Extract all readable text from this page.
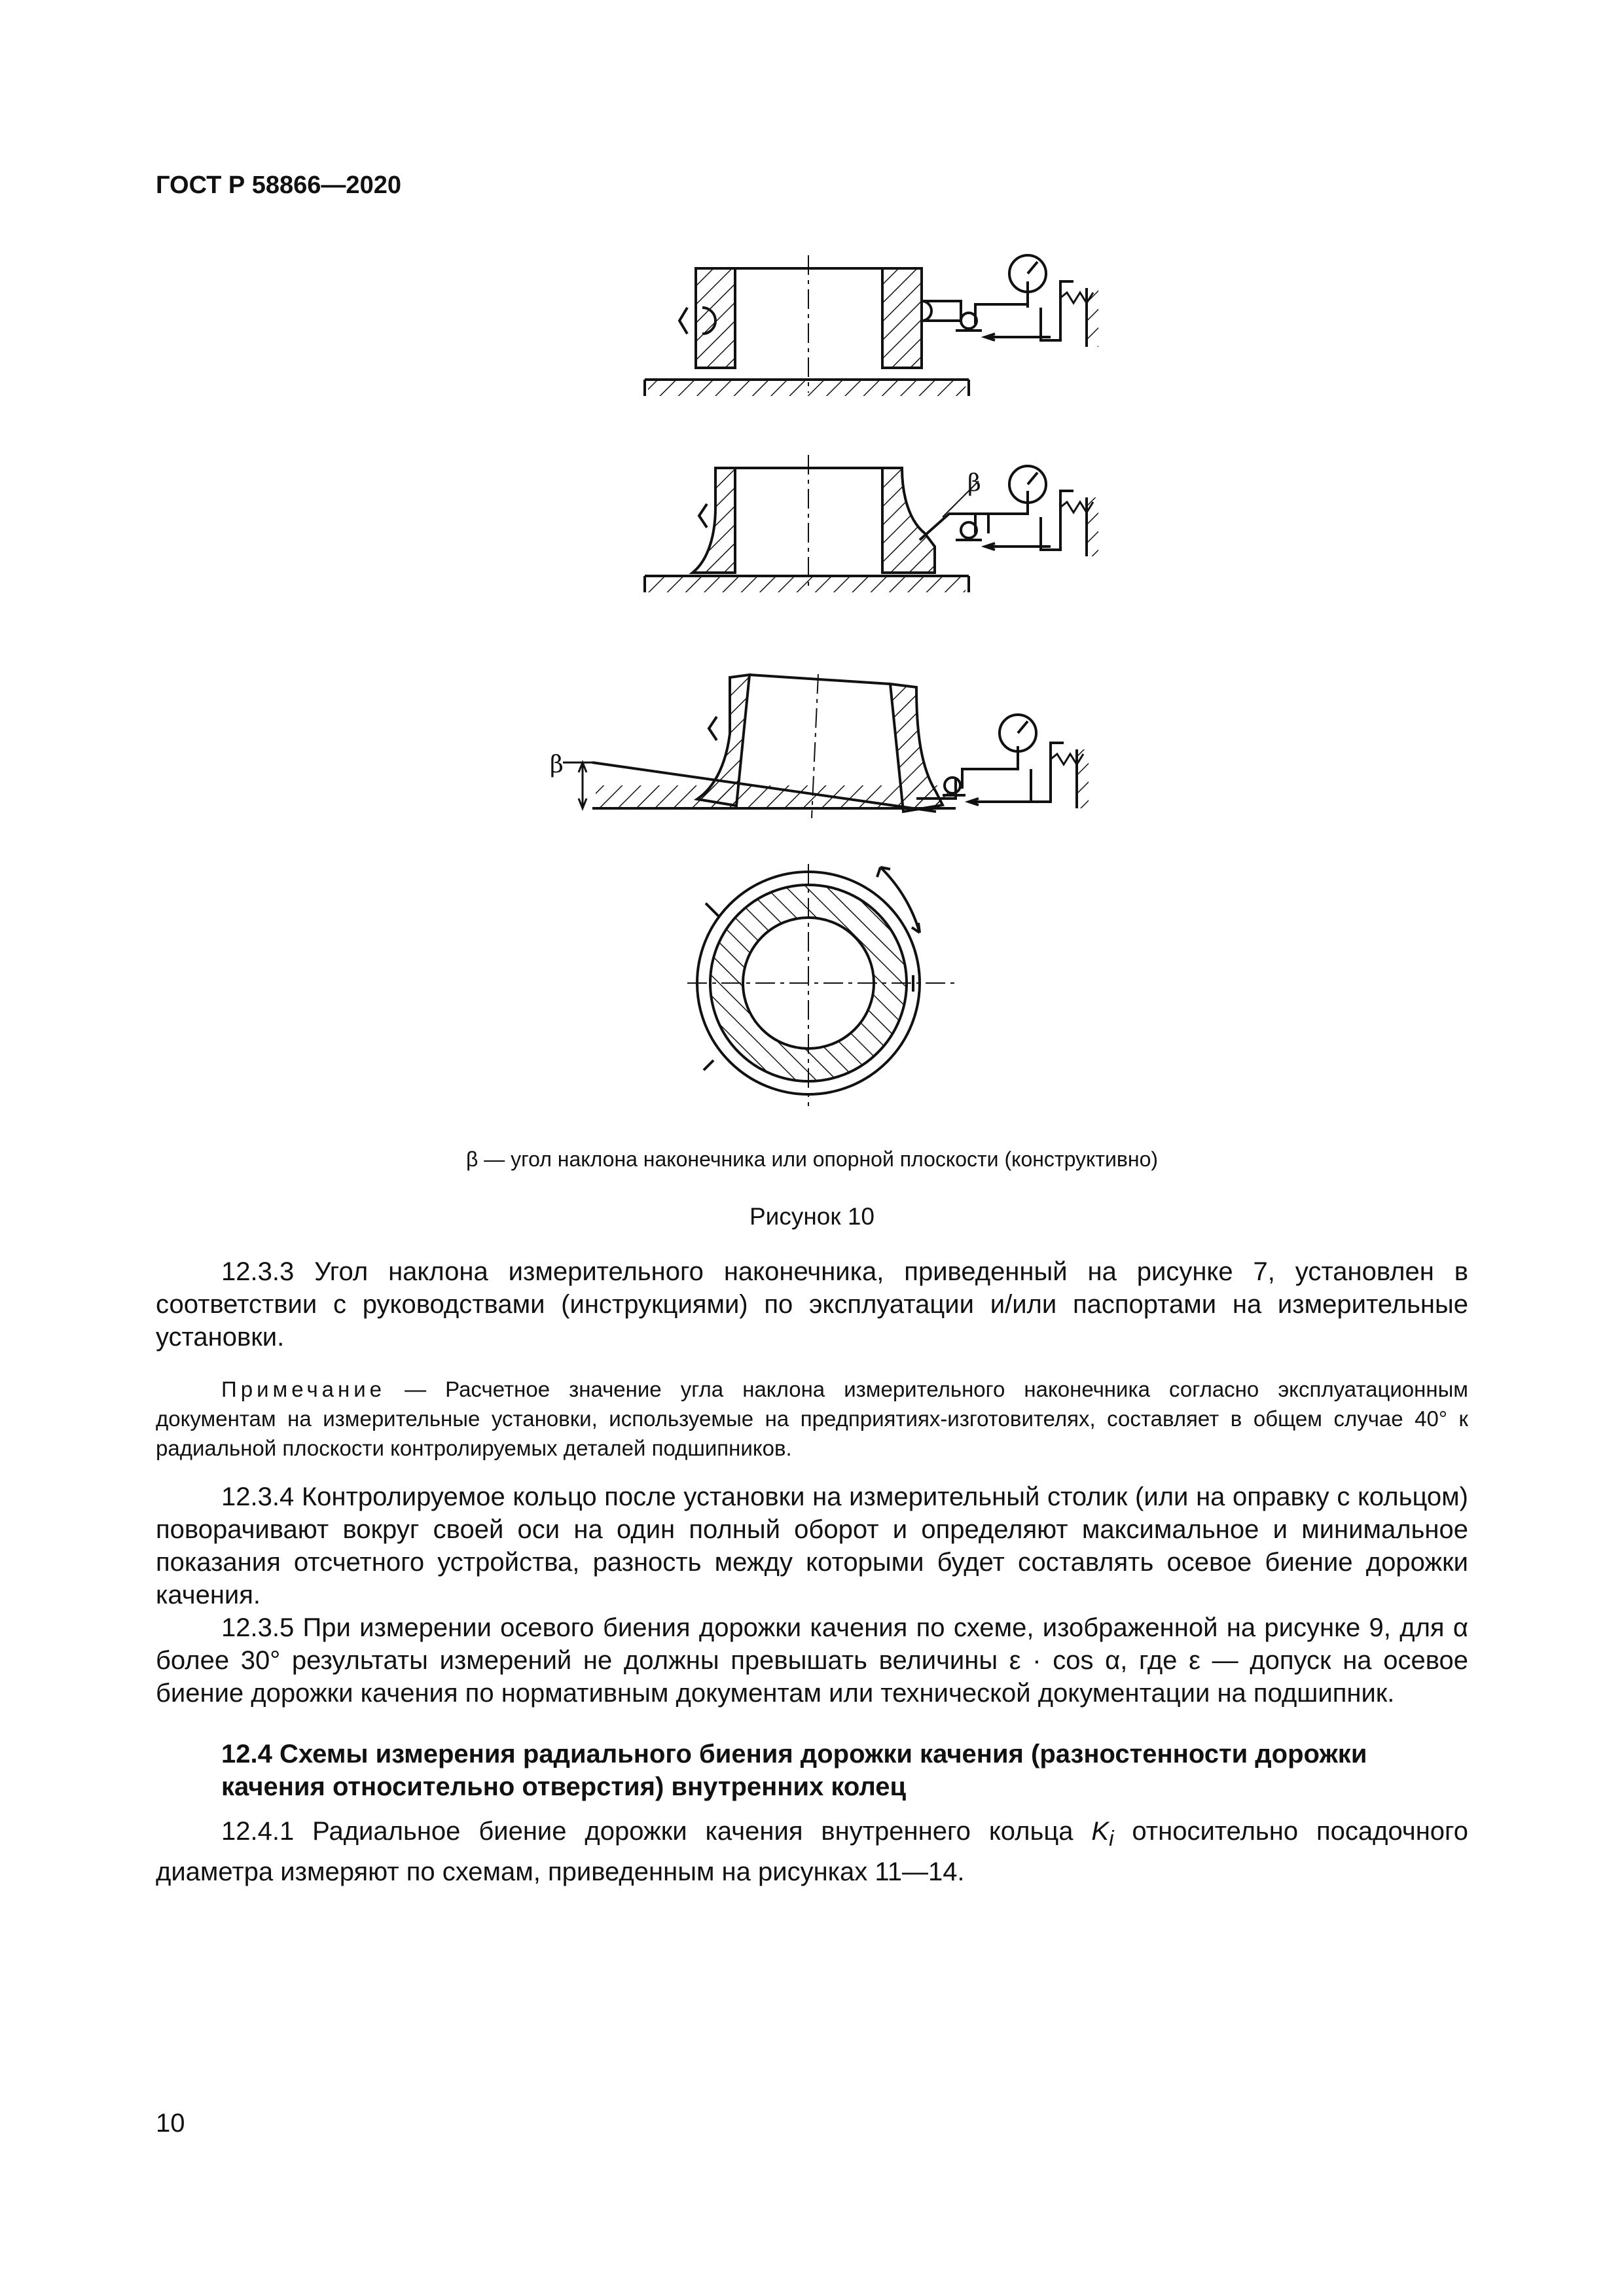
ГОСТ Р 58866—2020
β
β
β — угол наклона наконечника или опорной плоскости (конструктивно)
Рисунок 10
12.3.3 Угол наклона измерительного наконечника, приведенный на рисунке 7, установлен в соответствии с руководствами (инструкциями) по эксплуатации и/или паспортами на измерительные установки.
Примечание — Расчетное значение угла наклона измерительного наконечника согласно эксплуатационным документам на измерительные установки, используемые на предприятиях-изготовителях, составляет в общем случае 40° к радиальной плоскости контролируемых деталей подшипников.
12.3.4 Контролируемое кольцо после установки на измерительный столик (или на оправку с кольцом) поворачивают вокруг своей оси на один полный оборот и определяют максимальное и минимальное показания отсчетного устройства, разность между которыми будет составлять осевое биение дорожки качения.
12.3.5 При измерении осевого биения дорожки качения по схеме, изображенной на рисунке 9, для α более 30° результаты измерений не должны превышать величины ε · cos α, где ε — допуск на осевое биение дорожки качения по нормативным документам или технической документации на подшипник.
12.4 Схемы измерения радиального биения дорожки качения (разностенности дорожки качения относительно отверстия) внутренних колец
12.4.1 Радиальное биение дорожки качения внутреннего кольца $K_i$ относительно посадочного диаметра измеряют по схемам, приведенным на рисунках 11—14.
10
